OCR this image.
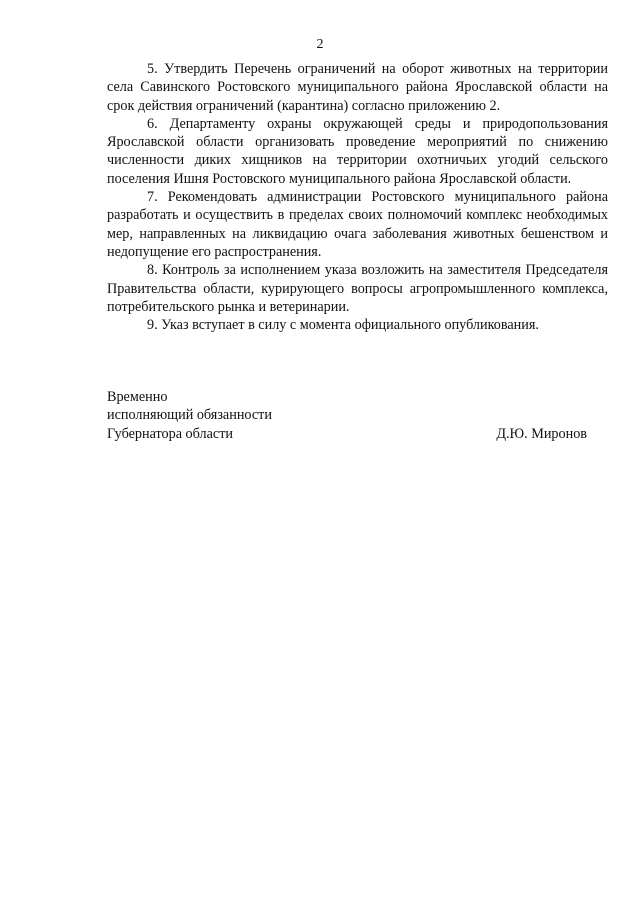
2

5. Утвердить Перечень ограничений на оборот животных на территории села Савинского Ростовского муниципального района Ярославской области на срок действия ограничений (карантина) согласно приложению 2.

6. Департаменту охраны окружающей среды и природопользования Ярославской области организовать проведение мероприятий по снижению численности диких хищников на территории охотничьих угодий сельского поселения Ишня Ростовского муниципального района Ярославской области.

7. Рекомендовать администрации Ростовского муниципального района разработать и осуществить в пределах своих полномочий комплекс необходимых мер, направленных на ликвидацию очага заболевания животных бешенством и недопущение его распространения.

8. Контроль за исполнением указа возложить на заместителя Председателя Правительства области, курирующего вопросы агропромышленного комплекса, потребительского рынка и ветеринарии.

9. Указ вступает в силу с момента официального опубликования.

Временно
исполняющий обязанности
Губернатора области	Д.Ю. Миронов
